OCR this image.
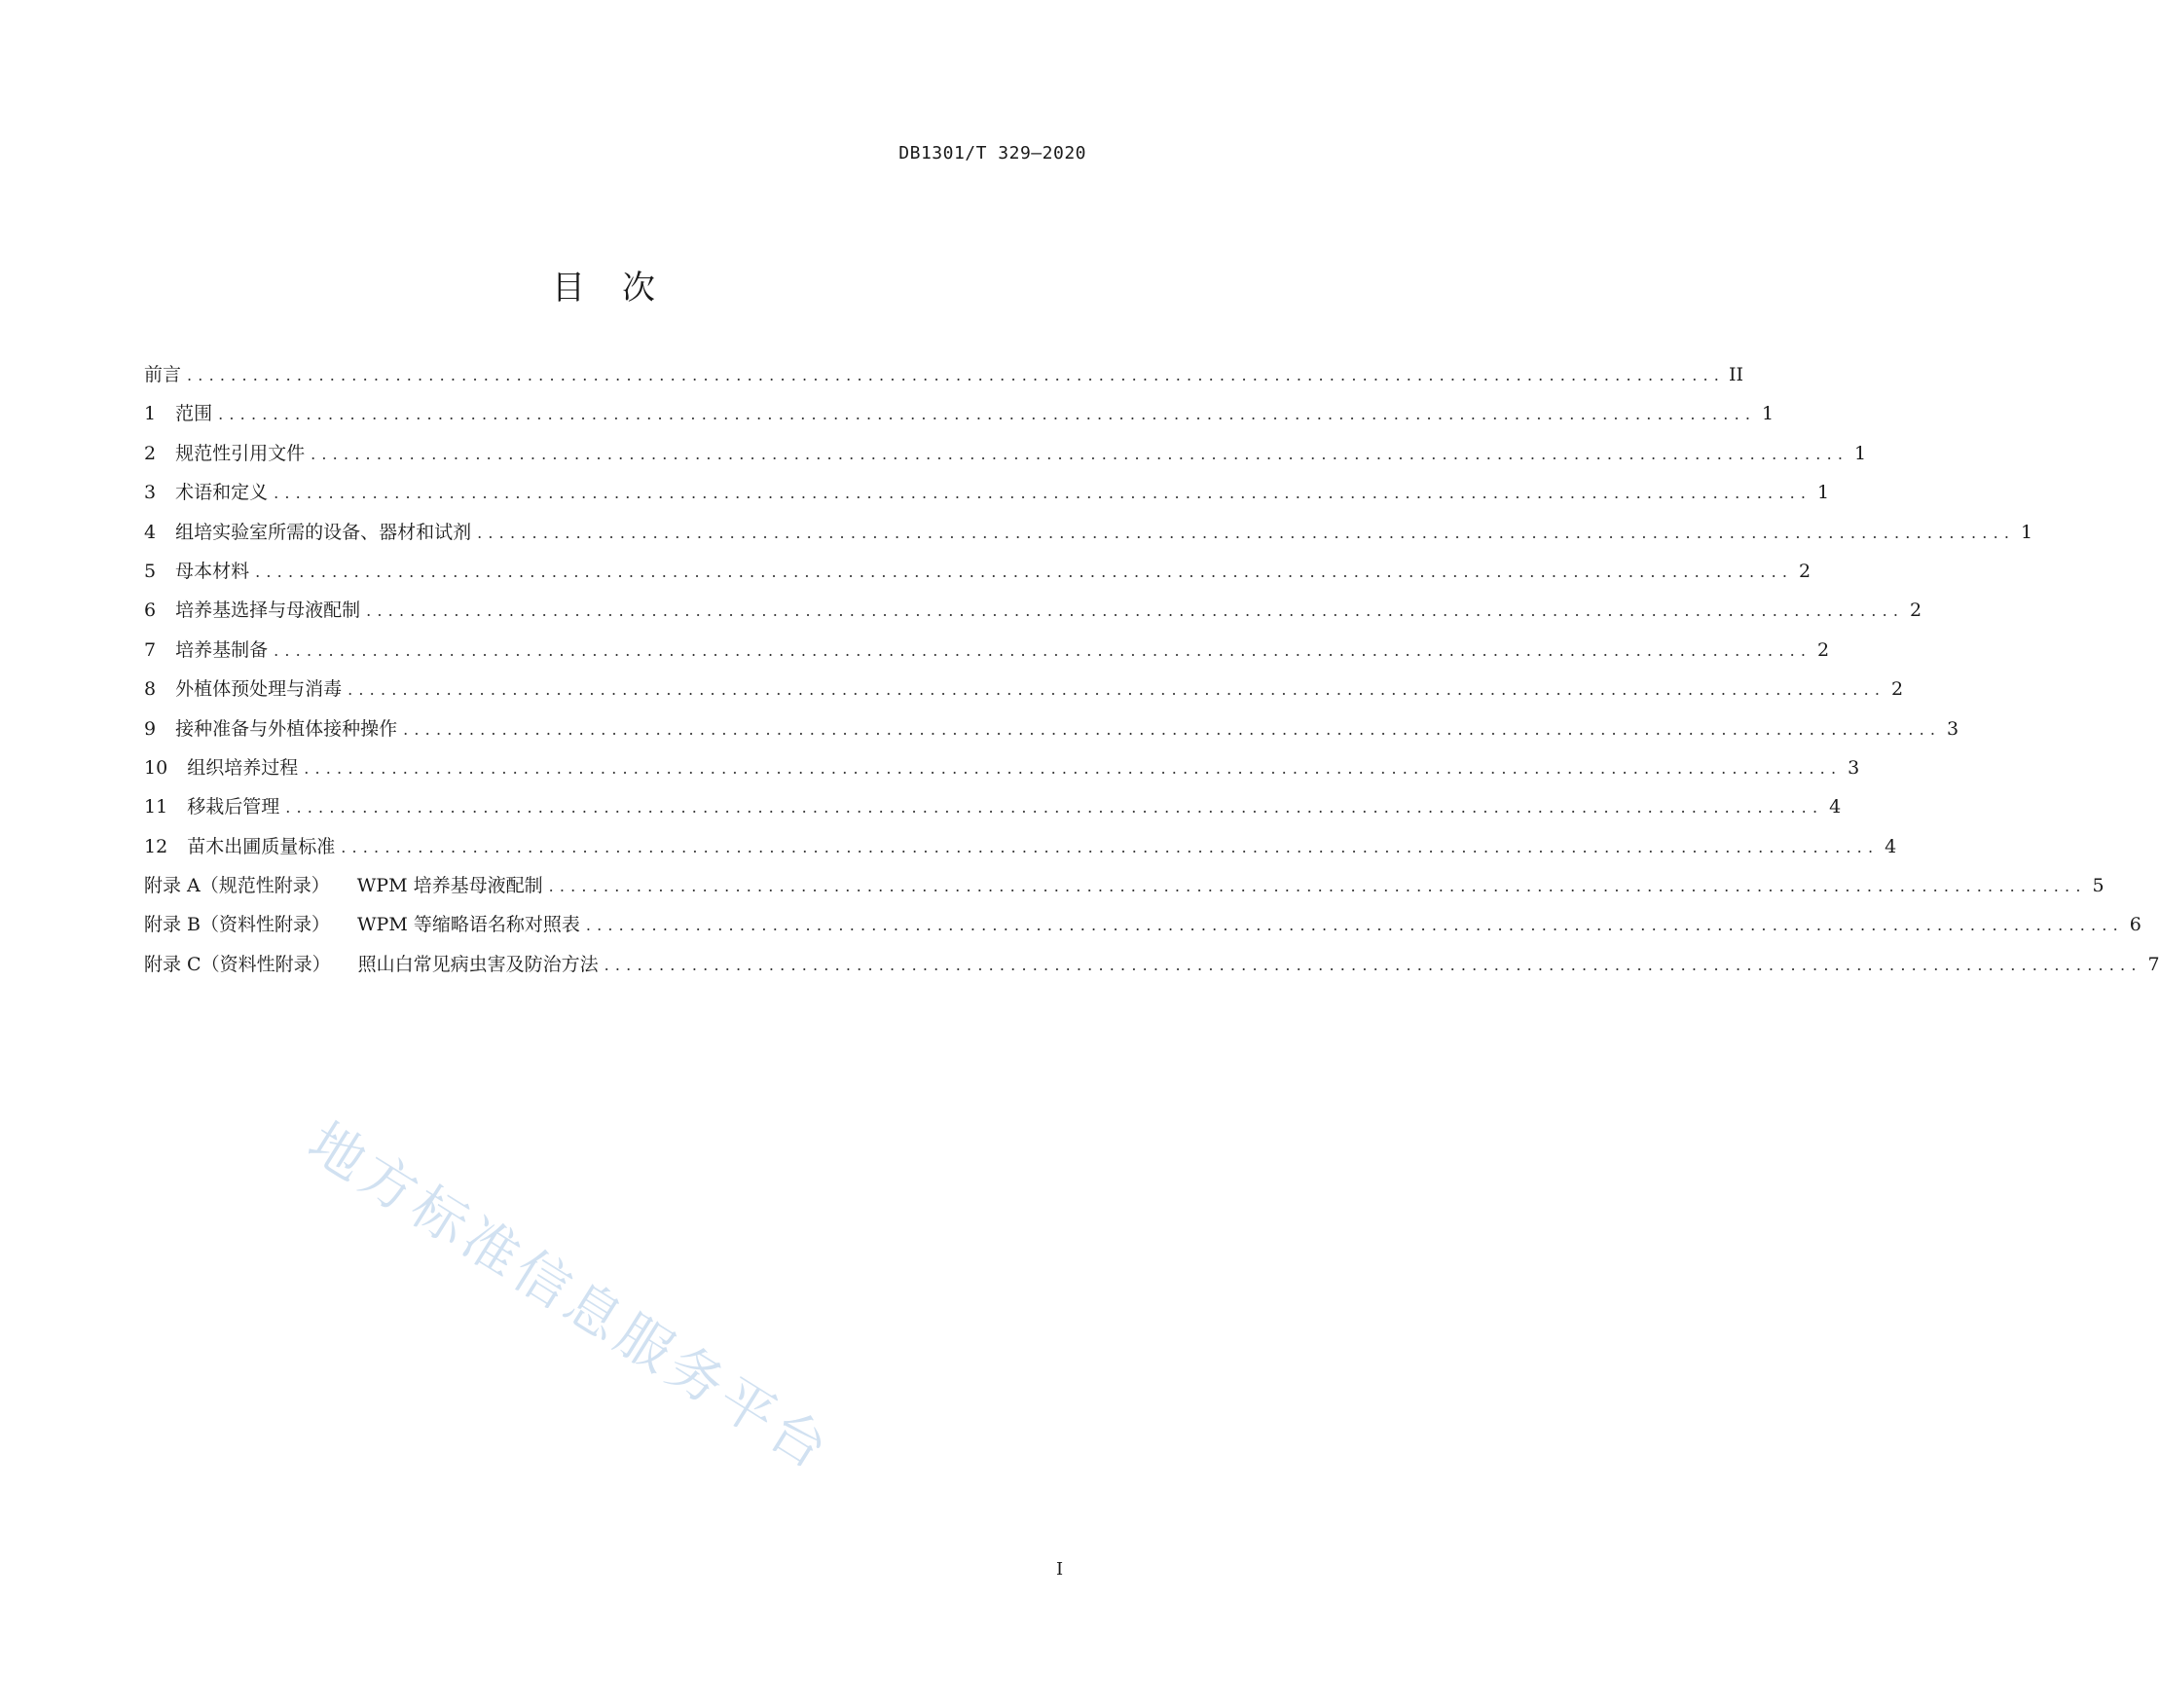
DB1301/T 329—2020
目 次
前言 ............................................................................................................................................ II
1 范围 ............................................................................................................................................ 1
2 规范性引用文件 ............................................................................................................................................ 1
3 术语和定义 ............................................................................................................................................ 1
4 组培实验室所需的设备、器材和试剂 ............................................................................................................................................ 1
5 母本材料 ............................................................................................................................................ 2
6 培养基选择与母液配制 ............................................................................................................................................ 2
7 培养基制备 ............................................................................................................................................ 2
8 外植体预处理与消毒 ............................................................................................................................................ 2
9 接种准备与外植体接种操作 ............................................................................................................................................ 3
10 组织培养过程 ............................................................................................................................................ 3
11 移栽后管理 ............................................................................................................................................ 4
12 苗木出圃质量标准 ............................................................................................................................................ 4
附录 A（规范性附录） WPM 培养基母液配制 ............................................................................................................................................ 5
附录 B（资料性附录） WPM 等缩略语名称对照表 ............................................................................................................................................ 6
附录 C（资料性附录） 照山白常见病虫害及防治方法 ............................................................................................................................................ 7
地方标准信息服务平台
I
